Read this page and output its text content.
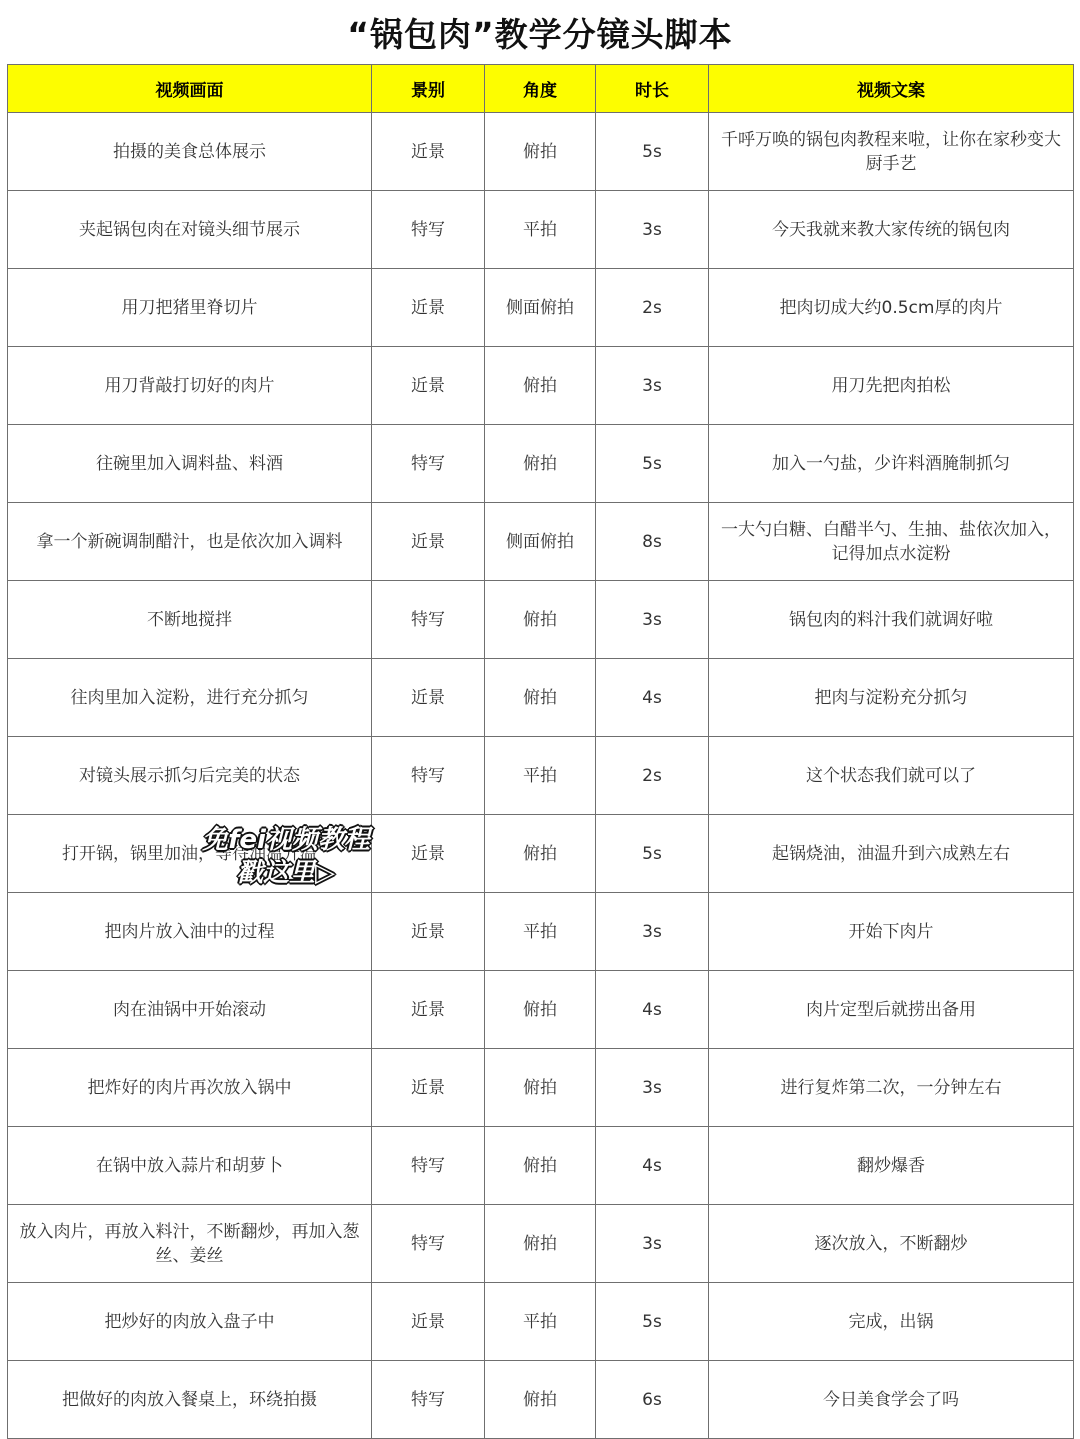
“锅包肉”教学分镜头脚本
视频画面	景别	角度	时长	视频文案
拍摄的美食总体展示	近景	俯拍	5s	千呼万唤的锅包肉教程来啦，让你在家秒变大厨手艺
夹起锅包肉在对镜头细节展示	特写	平拍	3s	今天我就来教大家传统的锅包肉
用刀把猪里脊切片	近景	侧面俯拍	2s	把肉切成大约0.5cm厚的肉片
用刀背敲打切好的肉片	近景	俯拍	3s	用刀先把肉拍松
往碗里加入调料盐、料酒	特写	俯拍	5s	加入一勺盐，少许料酒腌制抓匀
拿一个新碗调制醋汁，也是依次加入调料	近景	侧面俯拍	8s	一大勺白糖、白醋半勺、生抽、盐依次加入，记得加点水淀粉
不断地搅拌	特写	俯拍	3s	锅包肉的料汁我们就调好啦
往肉里加入淀粉，进行充分抓匀	近景	俯拍	4s	把肉与淀粉充分抓匀
对镜头展示抓匀后完美的状态	特写	平拍	2s	这个状态我们就可以了
打开锅，锅里加油，等待油温升温	近景	俯拍	5s	起锅烧油，油温升到六成熟左右
把肉片放入油中的过程	近景	平拍	3s	开始下肉片
肉在油锅中开始滚动	近景	俯拍	4s	肉片定型后就捞出备用
把炸好的肉片再次放入锅中	近景	俯拍	3s	进行复炸第二次，一分钟左右
在锅中放入蒜片和胡萝卜	特写	俯拍	4s	翻炒爆香
放入肉片，再放入料汁，不断翻炒，再加入葱丝、姜丝	特写	俯拍	3s	逐次放入，不断翻炒
把炒好的肉放入盘子中	近景	平拍	5s	完成，出锅
把做好的肉放入餐桌上，环绕拍摄	特写	俯拍	6s	今日美食学会了吗
免fei视频教程
戳这里▷
